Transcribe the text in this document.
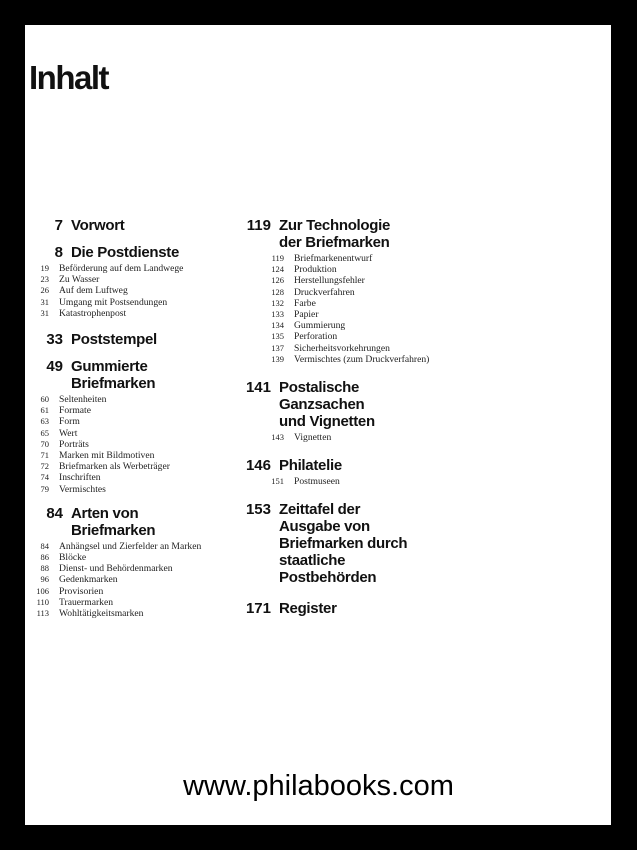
Inhalt
7 Vorwort
8 Die Postdienste
19	Beförderung auf dem Landwege
23	Zu Wasser
26	Auf dem Luftweg
31	Umgang mit Postsendungen
31	Katastrophenpost
33 Poststempel
49 Gummierte
Briefmarken
60	Seltenheiten
61	Formate
63	Form
65	Wert
70	Porträts
71	Marken mit Bildmotiven
72	Briefmarken als Werbeträger
74	Inschriften
79	Vermischtes
84 Arten von
Briefmarken
84	Anhängsel und Zierfelder an Marken
86	Blöcke
88	Dienst- und Behördenmarken
96	Gedenkmarken
106	Provisorien
110	Trauermarken
113	Wohltätigkeitsmarken
119 Zur Technologie
der Briefmarken
119	Briefmarkenentwurf
124	Produktion
126	Herstellungsfehler
128	Druckverfahren
132	Farbe
133	Papier
134	Gummierung
135	Perforation
137	Sicherheitsvorkehrungen
139	Vermischtes (zum Druckverfahren)
141 Postalische
Ganzsachen
und Vignetten
143	Vignetten
146 Philatelie
151	Postmuseen
153 Zeittafel der
Ausgabe von
Briefmarken durch
staatliche
Postbehörden
171 Register
www.philabooks.com
